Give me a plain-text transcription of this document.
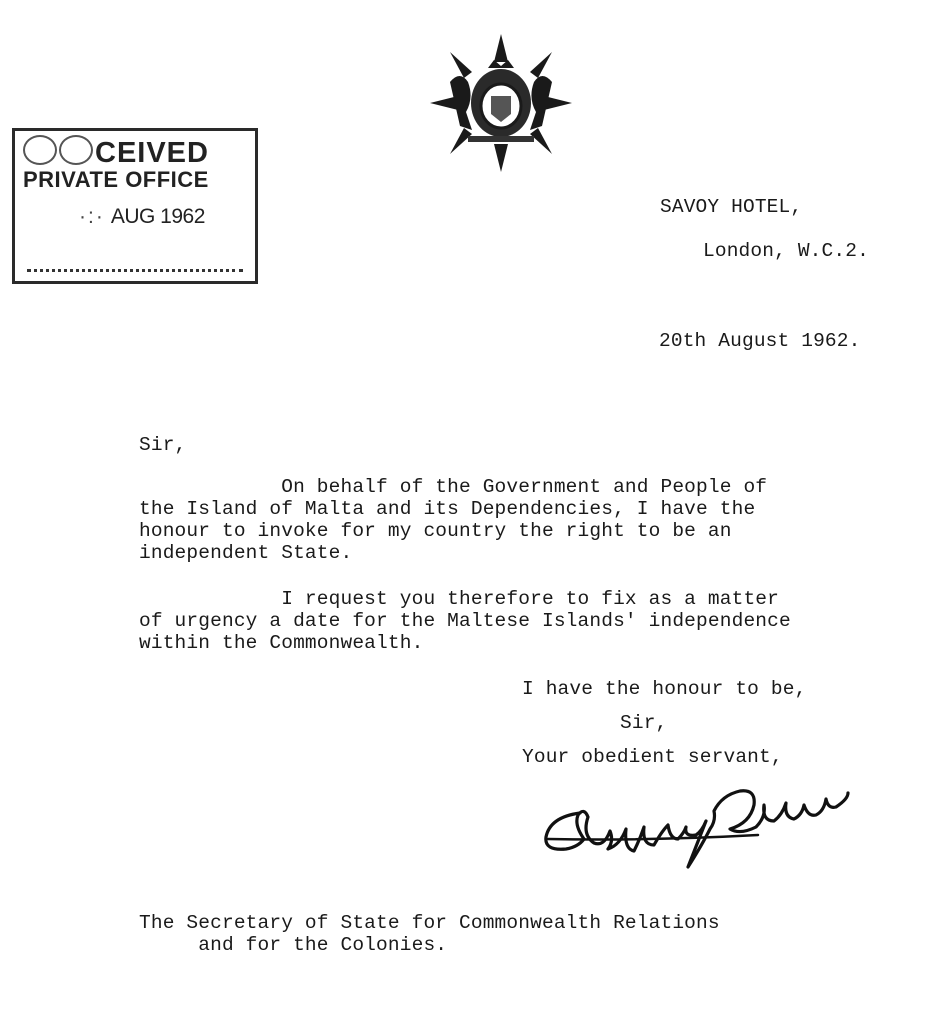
CEIVED
PRIVATE OFFICE
·:· AUG 1962	SAVOY HOTEL,
London, W.C.2.
20th August 1962.
Sir,
On behalf of the Government and People of
the Island of Malta and its Dependencies, I have the
honour to invoke for my country the right to be an
independent State.
I request you therefore to fix as a matter
of urgency a date for the Maltese Islands' independence
within the Commonwealth.
I have the honour to be,
Sir,
Your obedient servant,
The Secretary of State for Commonwealth Relations
and for the Colonies.
